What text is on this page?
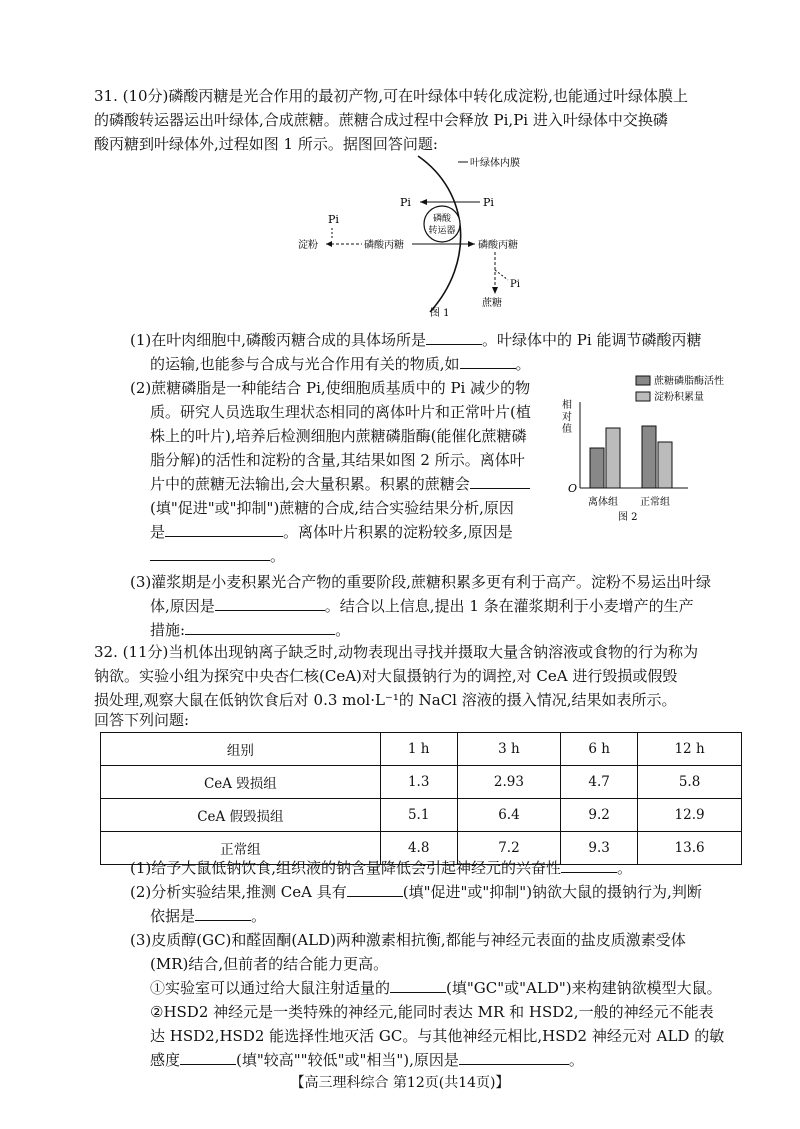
31. (10分)磷酸丙糖是光合作用的最初产物,可在叶绿体中转化成淀粉,也能通过叶绿体膜上
的磷酸转运器运出叶绿体,合成蔗糖。蔗糖合成过程中会释放 Pi,Pi 进入叶绿体中交换磷
酸丙糖到叶绿体外,过程如图 1 所示。据图回答问题:
叶绿体内膜
磷酸
转运器
Pi	Pi
Pi
淀粉	磷酸丙糖	磷酸丙糖
Pi
蔗糖
图 1
(1)在叶肉细胞中,磷酸丙糖合成的具体场所是	。叶绿体中的 Pi 能调节磷酸丙糖
的运输,也能参与合成与光合作用有关的物质,如	。
(2)蔗糖磷脂是一种能结合 Pi,使细胞质基质中的 Pi 减少的物
质。研究人员选取生理状态相同的离体叶片和正常叶片(植
株上的叶片),培养后检测细胞内蔗糖磷脂酶(能催化蔗糖磷
脂分解)的活性和淀粉的含量,其结果如图 2 所示。离体叶
片中的蔗糖无法输出,会大量积累。积累的蔗糖会
(填"促进"或"抑制")蔗糖的合成,结合实验结果分析,原因
是	。离体叶片积累的淀粉较多,原因是
。
蔗糖磷脂酶活性
淀粉积累量
相
对
值
O
离体组 正常组
图 2
(3)灌浆期是小麦积累光合产物的重要阶段,蔗糖积累多更有利于高产。淀粉不易运出叶绿
体,原因是	。结合以上信息,提出 1 条在灌浆期利于小麦增产的生产
措施:	。
32. (11分)当机体出现钠离子缺乏时,动物表现出寻找并摄取大量含钠溶液或食物的行为称为
钠欲。实验小组为探究中央杏仁核(CeA)对大鼠摄钠行为的调控,对 CeA 进行毁损或假毁
损处理,观察大鼠在低钠饮食后对 0.3 mol·L⁻¹的 NaCl 溶液的摄入情况,结果如表所示。
回答下列问题:
组别	1 h	3 h	6 h	12 h
CeA 毁损组	1.3	2.93	4.7	5.8
CeA 假毁损组	5.1	6.4	9.2	12.9
正常组	4.8	7.2	9.3	13.6
(1)给予大鼠低钠饮食,组织液的钠含量降低会引起神经元的兴奋性	。
(2)分析实验结果,推测 CeA 具有	(填"促进"或"抑制")钠欲大鼠的摄钠行为,判断
依据是	。
(3)皮质醇(GC)和醛固酮(ALD)两种激素相抗衡,都能与神经元表面的盐皮质激素受体
(MR)结合,但前者的结合能力更高。
①实验室可以通过给大鼠注射适量的	(填"GC"或"ALD")来构建钠欲模型大鼠。
②HSD2 神经元是一类特殊的神经元,能同时表达 MR 和 HSD2,一般的神经元不能表
达 HSD2,HSD2 能选择性地灭活 GC。与其他神经元相比,HSD2 神经元对 ALD 的敏
感度	(填"较高""较低"或"相当"),原因是	。
【高三理科综合 第12页(共14页)】
